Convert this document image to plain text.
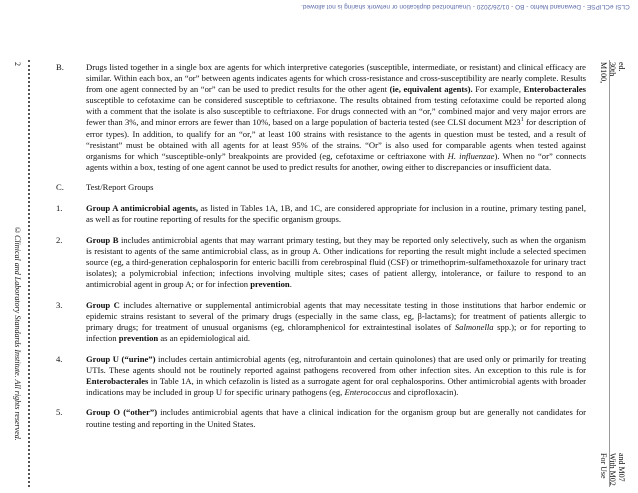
CLSI eCLIPSE - Dewanand Mehto - BO - 01/26/2020 - Unauthorized duplication or network sharing is not allowed.
2
©Clinical and Laboratory Standards Institute. All rights reserved.
M100, 30th ed.
For Use With M02 and M07
B.	Drugs listed together in a single box are agents for which interpretive categories (susceptible, intermediate, or resistant) and clinical efficacy are similar. Within each box, an “or” between agents indicates agents for which cross-resistance and cross-susceptibility are nearly complete. Results from one agent connected by an “or” can be used to predict results for the other agent (ie, equivalent agents). For example, Enterobacterales susceptible to cefotaxime can be considered susceptible to ceftriaxone. The results obtained from testing cefotaxime could be reported along with a comment that the isolate is also susceptible to ceftriaxone. For drugs connected with an “or,” combined major and very major errors are fewer than 3%, and minor errors are fewer than 10%, based on a large population of bacteria tested (see CLSI document $M23^1$ for description of error types). In addition, to qualify for an “or,” at least 100 strains with resistance to the agents in question must be tested, and a result of “resistant” must be obtained with all agents for at least 95% of the strains. “Or” is also used for comparable agents when tested against organisms for which “susceptible-only” breakpoints are provided (eg, cefotaxime or ceftriaxone with H. influenzae). When no “or” connects agents within a box, testing of one agent cannot be used to predict results for another, owing either to discrepancies or insufficient data.
C.	Test/Report Groups
1.	Group A antimicrobial agents, as listed in Tables 1A, 1B, and 1C, are considered appropriate for inclusion in a routine, primary testing panel, as well as for routine reporting of results for the specific organism groups.
2.	Group B includes antimicrobial agents that may warrant primary testing, but they may be reported only selectively, such as when the organism is resistant to agents of the same antimicrobial class, as in group A. Other indications for reporting the result might include a selected specimen source (eg, a third-generation cephalosporin for enteric bacilli from cerebrospinal fluid (CSF) or trimethoprim-sulfamethoxazole for urinary tract isolates); a polymicrobial infection; infections involving multiple sites; cases of patient allergy, intolerance, or failure to respond to an antimicrobial agent in group A; or for infection prevention.
3.	Group C includes alternative or supplemental antimicrobial agents that may necessitate testing in those institutions that harbor endemic or epidemic strains resistant to several of the primary drugs (especially in the same class, eg, β-lactams); for treatment of patients allergic to primary drugs; for treatment of unusual organisms (eg, chloramphenicol for extraintestinal isolates of Salmonella spp.); or for reporting to infection prevention as an epidemiological aid.
4.	Group U (“urine”) includes certain antimicrobial agents (eg, nitrofurantoin and certain quinolones) that are used only or primarily for treating UTIs. These agents should not be routinely reported against pathogens recovered from other infection sites. An exception to this rule is for Enterobacterales in Table 1A, in which cefazolin is listed as a surrogate agent for oral cephalosporins. Other antimicrobial agents with broader indications may be included in group U for specific urinary pathogens (eg, Enterococcus and ciprofloxacin).
5.	Group O (“other”) includes antimicrobial agents that have a clinical indication for the organism group but are generally not candidates for routine testing and reporting in the United States.
